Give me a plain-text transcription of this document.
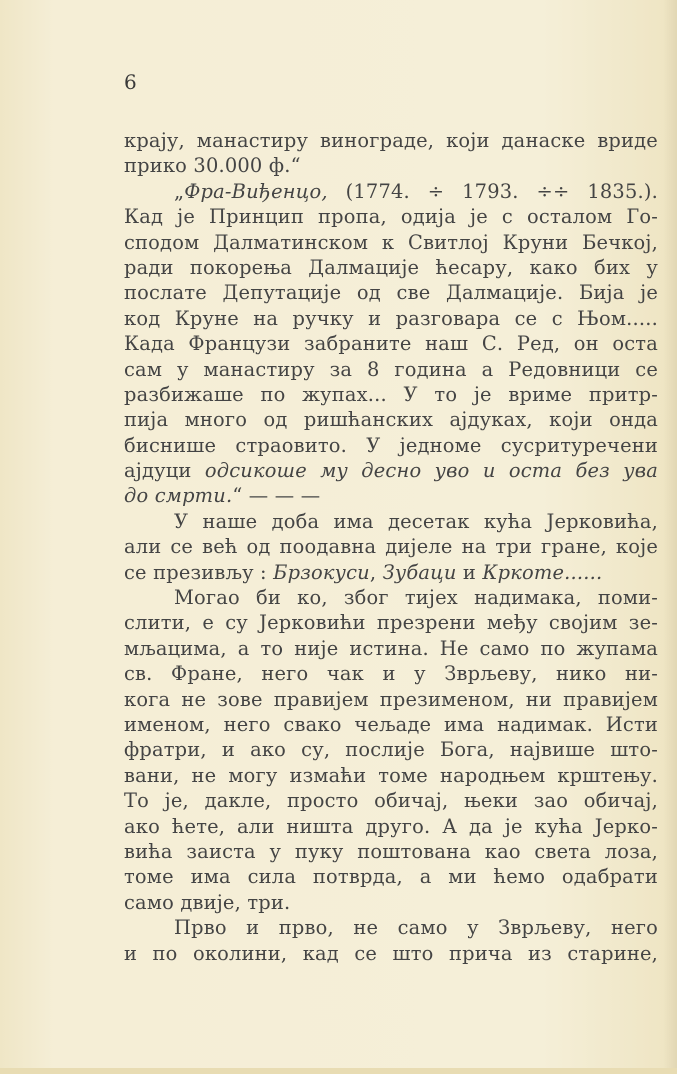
6
крају, манастиру винограде, који данаске вриде
прико 30.000 ф.“
„Фра-Виђенцо, (1774. ÷ 1793. ÷÷ 1835.).
Кад је Принцип пропа, одија је с осталом Го-
сподом Далматинском к Свитлој Круни Бечкој,
ради покорења Далмације ћесару, како бих у
послате Депутације од све Далмације. Бија је
код Круне на ручку и разговара се с Њом.....
Када Французи забраните наш С. Ред, он оста
сам у манастиру за 8 година а Редовници се
разбижаше по жупах... У то је вриме притр-
пија много од ришћанских ајдуках, који онда
биснише страовито. У једноме сусритуречени
ајдуци одсикоше му десно уво и оста без ува
до смрти.“ — — —
У наше доба има десетак кућа Јерковића,
али се већ од поодавна дијеле на три гране, које
се презивљу : Брзокуси, Зубаци и Кркоте......
Могао би ко, због тијех надимака, поми-
слити, е су Јерковићи презрени међу својим зе-
мљацима, а то није истина. Не само по жупама
св. Фране, него чак и у Зврљеву, нико ни-
кога не зове правијем презименом, ни правијем
именом, него свако чељаде има надимак. Исти
фратри, и ако су, послије Бога, највише што-
вани, не могу измаћи томе народњем крштењу.
То је, дакле, просто обичај, њеки зао обичај,
ако ћете, али ништа друго. А да је кућа Јерко-
вића заиста у пуку поштована као света лоза,
томе има сила потврда, а ми ћемо одабрати
само двије, три.
Прво и прво, не само у Зврљеву, него
и по околини, кад се што прича из старине,
